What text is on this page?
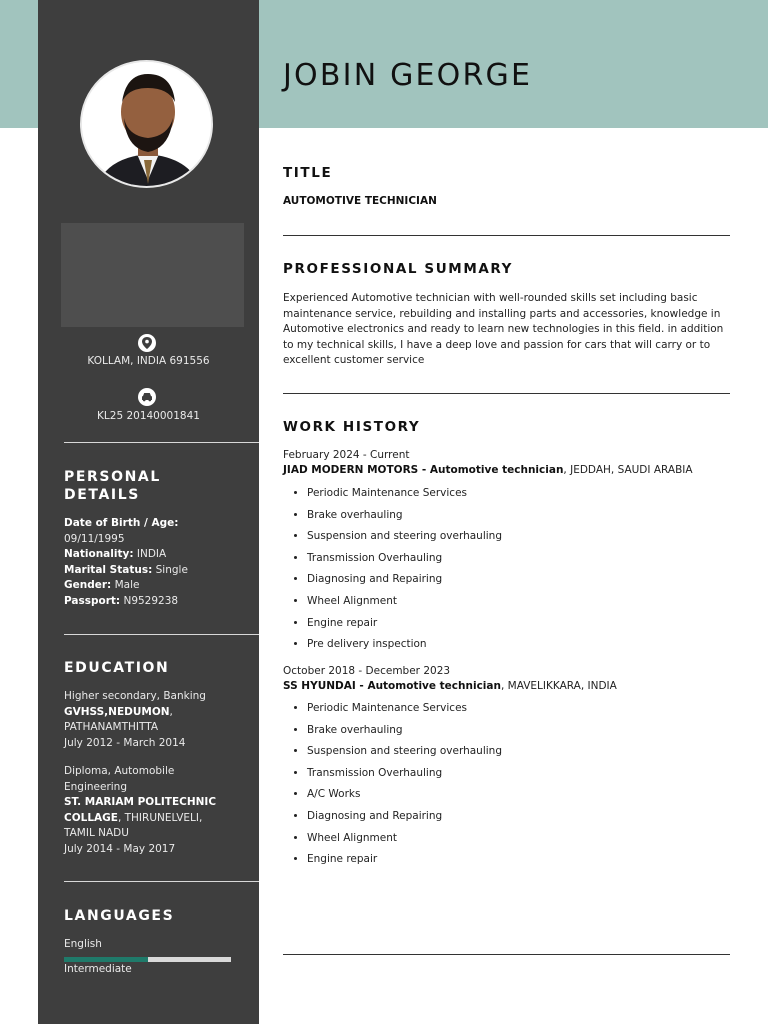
KOLLAM, INDIA 691556
KL25 20140001841
PERSONAL
DETAILS
Date of Birth / Age:
09/11/1995
Nationality: INDIA
Marital Status: Single
Gender: Male
Passport: N9529238
EDUCATION
Higher secondary, Banking
GVHSS,NEDUMON,
PATHANAMTHITTA
July 2012 - March 2014
Diploma, Automobile
Engineering
ST. MARIAM POLITECHNIC
COLLAGE, THIRUNELVELI,
TAMIL NADU
July 2014 - May 2017
LANGUAGES
English
Intermediate
JOBIN GEORGE
TITLE
AUTOMOTIVE TECHNICIAN
PROFESSIONAL SUMMARY
Experienced Automotive technician with well-rounded skills set including basic maintenance service, rebuilding and installing parts and accessories, knowledge in Automotive electronics and ready to learn new technologies in this field. in addition to my technical skills, I have a deep love and passion for cars that will carry or to excellent customer service
WORK HISTORY
February 2024 - Current
JIAD MODERN MOTORS - Automotive technician, JEDDAH, SAUDI ARABIA
• Periodic Maintenance Services
• Brake overhauling
• Suspension and steering overhauling
• Transmission Overhauling
• Diagnosing and Repairing
• Wheel Alignment
• Engine repair
• Pre delivery inspection
October 2018 - December 2023
SS HYUNDAI - Automotive technician, MAVELIKKARA, INDIA
• Periodic Maintenance Services
• Brake overhauling
• Suspension and steering overhauling
• Transmission Overhauling
• A/C Works
• Diagnosing and Repairing
• Wheel Alignment
• Engine repair
